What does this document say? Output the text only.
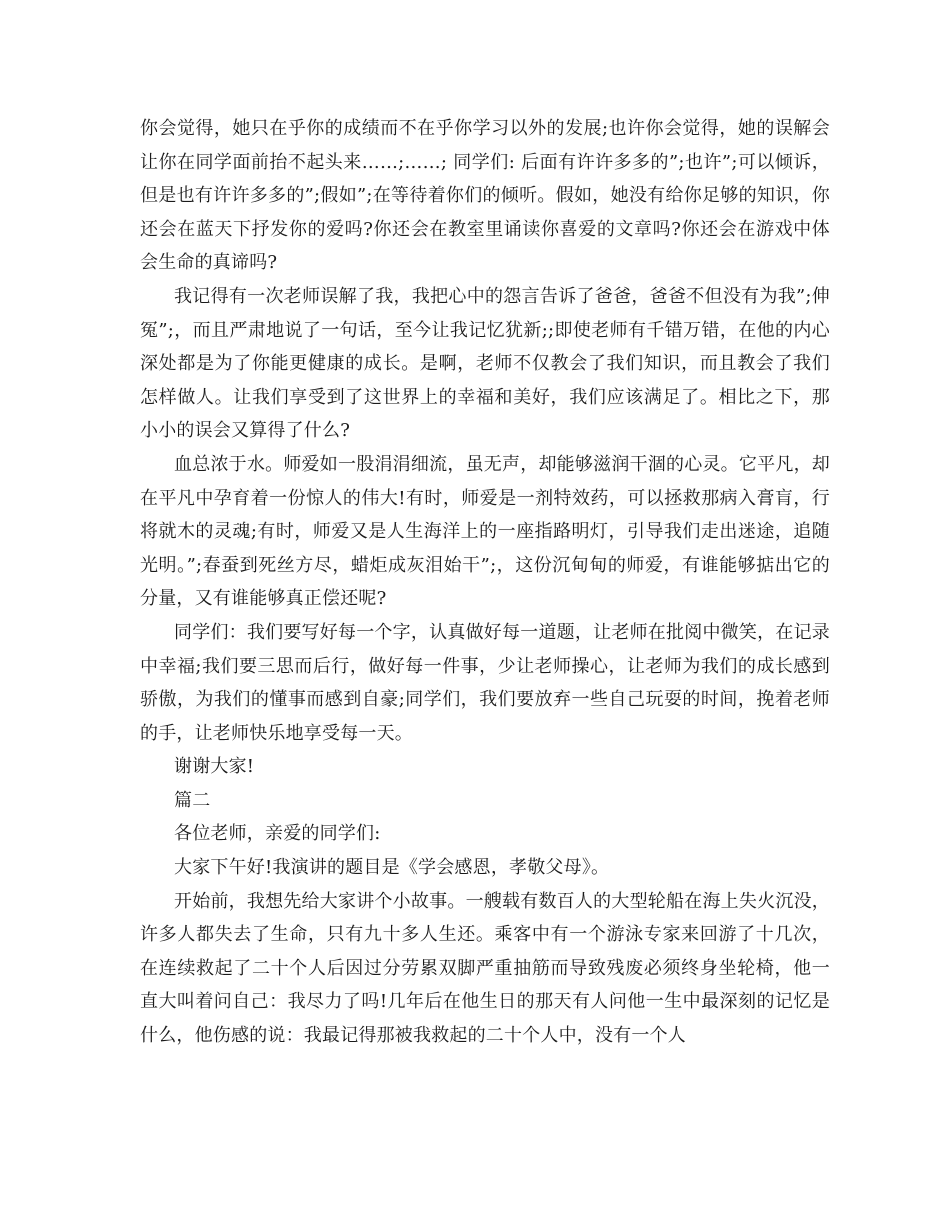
你会觉得，她只在乎你的成绩而不在乎你学习以外的发展;也许你会觉得，她的误解会让你在同学面前抬不起头来……;……; 同学们: 后面有许许多多的”;也许”;可以倾诉，但是也有许许多多的”;假如”;在等待着你们的倾听。假如，她没有给你足够的知识，你还会在蓝天下抒发你的爱吗?你还会在教室里诵读你喜爱的文章吗?你还会在游戏中体会生命的真谛吗?

我记得有一次老师误解了我，我把心中的怨言告诉了爸爸，爸爸不但没有为我”;伸冤”;，而且严肃地说了一句话，至今让我记忆犹新;;即使老师有千错万错，在他的内心深处都是为了你能更健康的成长。是啊，老师不仅教会了我们知识，而且教会了我们怎样做人。让我们享受到了这世界上的幸福和美好，我们应该满足了。相比之下，那小小的误会又算得了什么?

血总浓于水。师爱如一股涓涓细流，虽无声，却能够滋润干涸的心灵。它平凡，却在平凡中孕育着一份惊人的伟大!有时，师爱是一剂特效药，可以拯救那病入膏肓，行将就木的灵魂;有时，师爱又是人生海洋上的一座指路明灯，引导我们走出迷途，追随光明。”;春蚕到死丝方尽，蜡炬成灰泪始干”;，这份沉甸甸的师爱，有谁能够掂出它的分量，又有谁能够真正偿还呢?

同学们：我们要写好每一个字，认真做好每一道题，让老师在批阅中微笑，在记录中幸福;我们要三思而后行，做好每一件事，少让老师操心，让老师为我们的成长感到骄傲，为我们的懂事而感到自豪;同学们，我们要放弃一些自己玩耍的时间，挽着老师的手，让老师快乐地享受每一天。

谢谢大家!

篇二

各位老师，亲爱的同学们:

大家下午好!我演讲的题目是《学会感恩，孝敬父母》。

开始前，我想先给大家讲个小故事。一艘载有数百人的大型轮船在海上失火沉没，许多人都失去了生命，只有九十多人生还。乘客中有一个游泳专家来回游了十几次，在连续救起了二十个人后因过分劳累双脚严重抽筋而导致残废必须终身坐轮椅，他一直大叫着问自己：我尽力了吗!几年后在他生日的那天有人问他一生中最深刻的记忆是什么，他伤感的说：我最记得那被我救起的二十个人中，没有一个人
